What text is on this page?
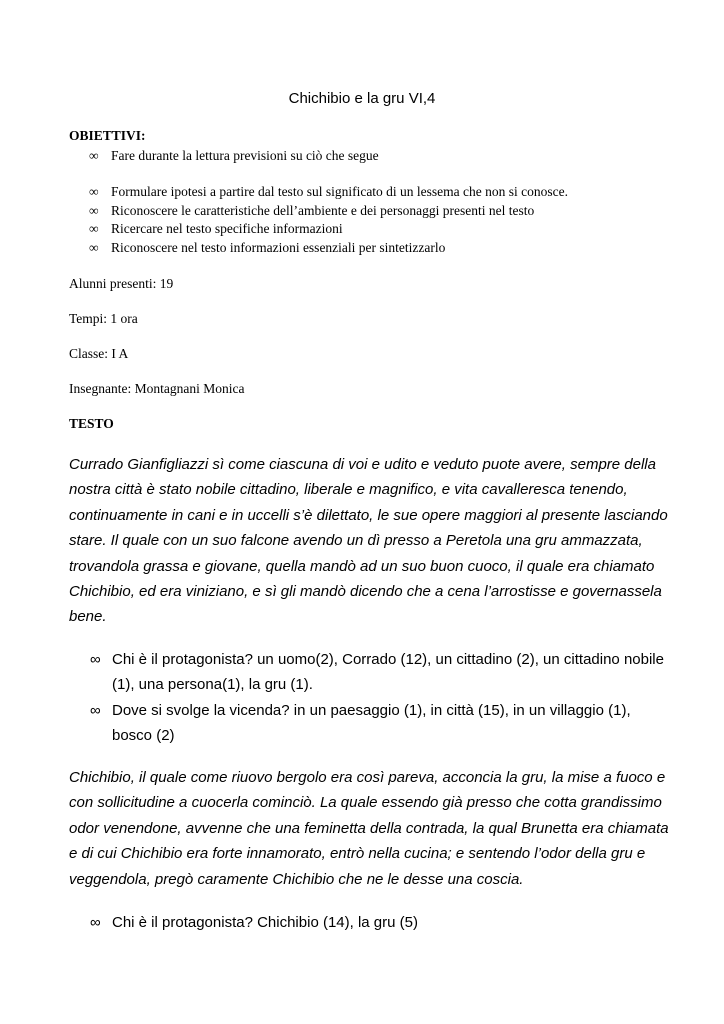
Chichibio e la gru VI,4
OBIETTIVI:
∞ Fare durante la lettura previsioni su ciò che segue
∞ Formulare ipotesi a partire dal testo sul significato di un lessema che non si conosce.
∞ Riconoscere le caratteristiche dell’ambiente e dei personaggi presenti nel testo
∞ Ricercare nel testo specifiche informazioni
∞ Riconoscere nel testo informazioni essenziali per sintetizzarlo
Alunni presenti: 19
Tempi: 1 ora
Classe: I A
Insegnante: Montagnani Monica
TESTO
Currado Gianfigliazzi sì come ciascuna di voi e udito e veduto puote avere, sempre della
nostra città è stato nobile cittadino, liberale e magnifico, e vita cavalleresca tenendo,
continuamente in cani e in uccelli s’è dilettato, le sue opere maggiori al presente lasciando
stare. Il quale con un suo falcone avendo un dì presso a Peretola una gru ammazzata,
trovandola grassa e giovane, quella mandò ad un suo buon cuoco, il quale era chiamato
Chichibio, ed era viniziano, e sì gli mandò dicendo che a cena l’arrostisse e governassela
bene.
∞ Chi è il protagonista? un uomo(2), Corrado (12), un cittadino (2), un cittadino nobile
(1), una persona(1), la gru (1).
∞ Dove si svolge la vicenda? in un paesaggio (1), in città (15), in un villaggio (1),
bosco (2)
Chichibio, il quale come riuovo bergolo era così pareva, acconcia la gru, la mise a fuoco e
con sollicitudine a cuocerla cominciò. La quale essendo già presso che cotta grandissimo
odor venendone, avvenne che una feminetta della contrada, la qual Brunetta era chiamata
e di cui Chichibio era forte innamorato, entrò nella cucina; e sentendo l’odor della gru e
veggendola, pregò caramente Chichibio che ne le desse una coscia.
∞ Chi è il protagonista? Chichibio (14), la gru (5)
